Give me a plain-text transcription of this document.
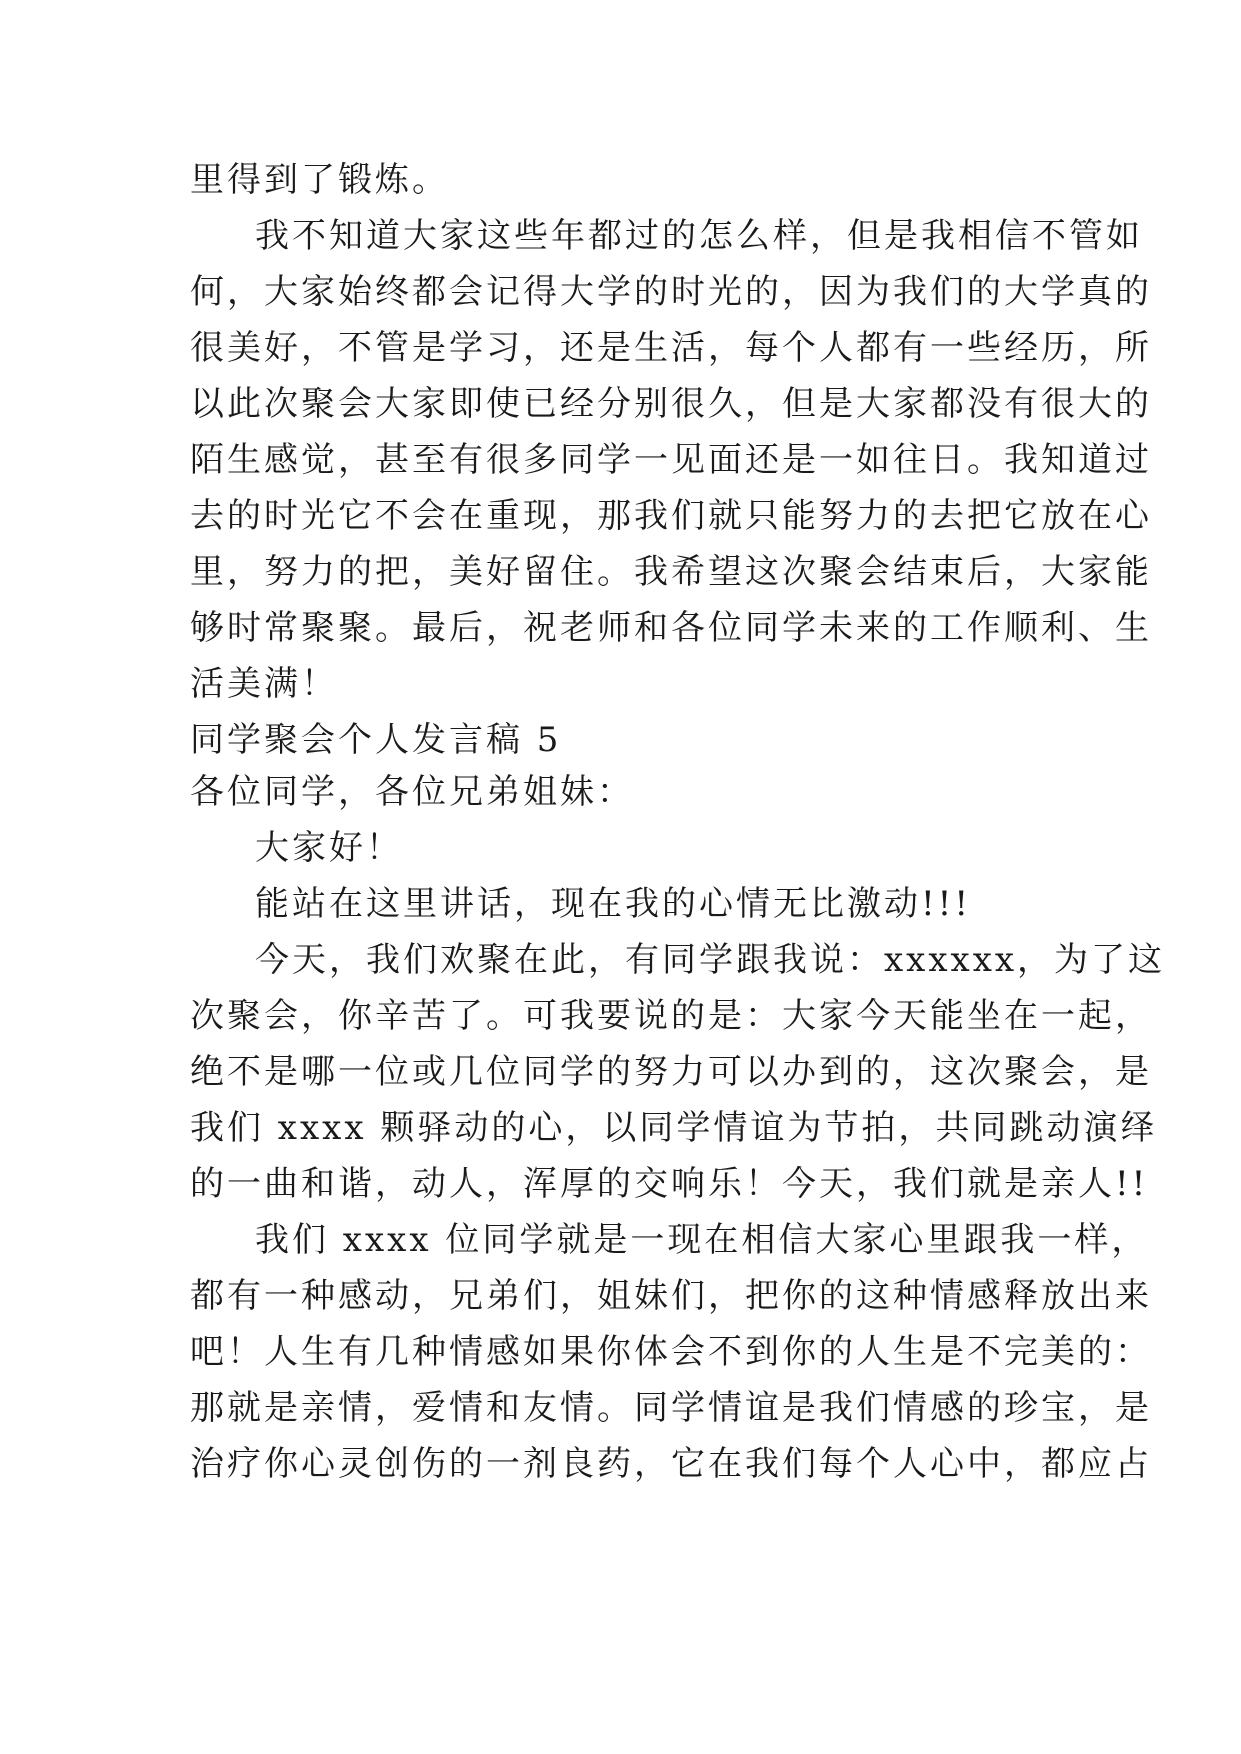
里得到了锻炼。
我不知道大家这些年都过的怎么样，但是我相信不管如
何，大家始终都会记得大学的时光的，因为我们的大学真的
很美好，不管是学习，还是生活，每个人都有一些经历，所
以此次聚会大家即使已经分别很久，但是大家都没有很大的
陌生感觉，甚至有很多同学一见面还是一如往日。我知道过
去的时光它不会在重现，那我们就只能努力的去把它放在心
里，努力的把，美好留住。我希望这次聚会结束后，大家能
够时常聚聚。最后，祝老师和各位同学未来的工作顺利、生
活美满！
同学聚会个人发言稿 5
各位同学，各位兄弟姐妹：
大家好！
能站在这里讲话，现在我的心情无比激动!!!
今天，我们欢聚在此，有同学跟我说：xxxxxx，为了这
次聚会，你辛苦了。可我要说的是：大家今天能坐在一起，
绝不是哪一位或几位同学的努力可以办到的，这次聚会，是
我们 xxxx 颗驿动的心，以同学情谊为节拍，共同跳动演绎
的一曲和谐，动人，浑厚的交响乐！今天，我们就是亲人!!
我们 xxxx 位同学就是一现在相信大家心里跟我一样，
都有一种感动，兄弟们，姐妹们，把你的这种情感释放出来
吧！人生有几种情感如果你体会不到你的人生是不完美的：
那就是亲情，爱情和友情。同学情谊是我们情感的珍宝，是
治疗你心灵创伤的一剂良药，它在我们每个人心中，都应占
